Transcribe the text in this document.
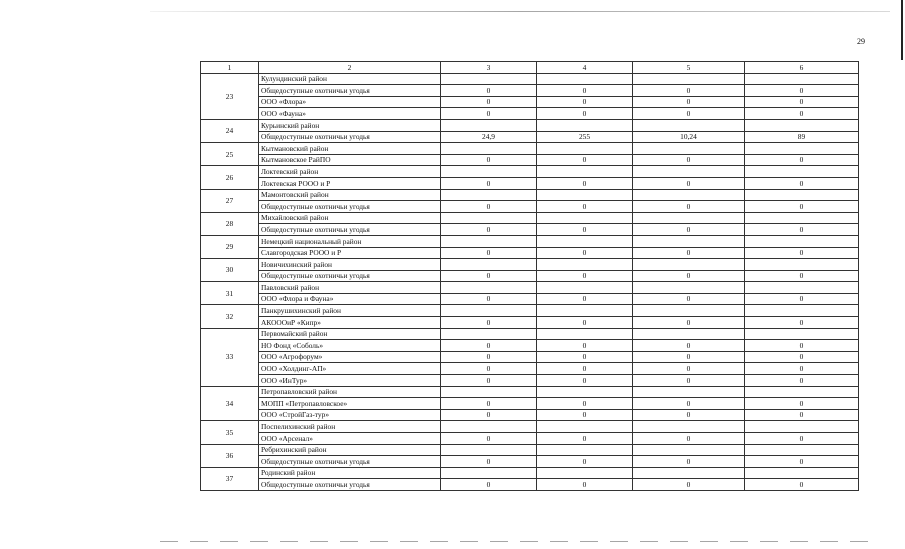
29
1	2	3	4	5	6
23	Кулундинский район				
	Общедоступные охотничьи угодья	0	0	0	0
	ООО «Флора»	0	0	0	0
	ООО «Фауна»	0	0	0	0
24	Курьинский район				
	Общедоступные охотничьи угодья	24,9	255	10,24	89
25	Кытмановский район				
	Кытмановское РайПО	0	0	0	0
26	Локтевский район				
	Локтевская РООО и Р	0	0	0	0
27	Мамонтовский район				
	Общедоступные охотничьи угодья	0	0	0	0
28	Михайловский район				
	Общедоступные охотничьи угодья	0	0	0	0
29	Немецкий национальный район				
	Славгородская РООО и Р	0	0	0	0
30	Новичихинский район				
	Общедоступные охотничьи угодья	0	0	0	0
31	Павловский район				
	ООО «Флора и Фауна»	0	0	0	0
32	Панкрушихинский район				
	АКОООиР «Кипр»	0	0	0	0
33	Первомайский район				
	НО Фонд «Соболь»	0	0	0	0
	ООО «Агрофорум»	0	0	0	0
	ООО «Холдинг-АП»	0	0	0	0
	ООО «ИнТур»	0	0	0	0
34	Петропавловский район				
	МОПП «Петропавловское»	0	0	0	0
	ООО «СтройГаз-тур»	0	0	0	0
35	Поспелихинский район				
	ООО «Арсенал»	0	0	0	0
36	Ребрихинский район				
	Общедоступные охотничьи угодья	0	0	0	0
37	Родинский район				
	Общедоступные охотничьи угодья	0	0	0	0
